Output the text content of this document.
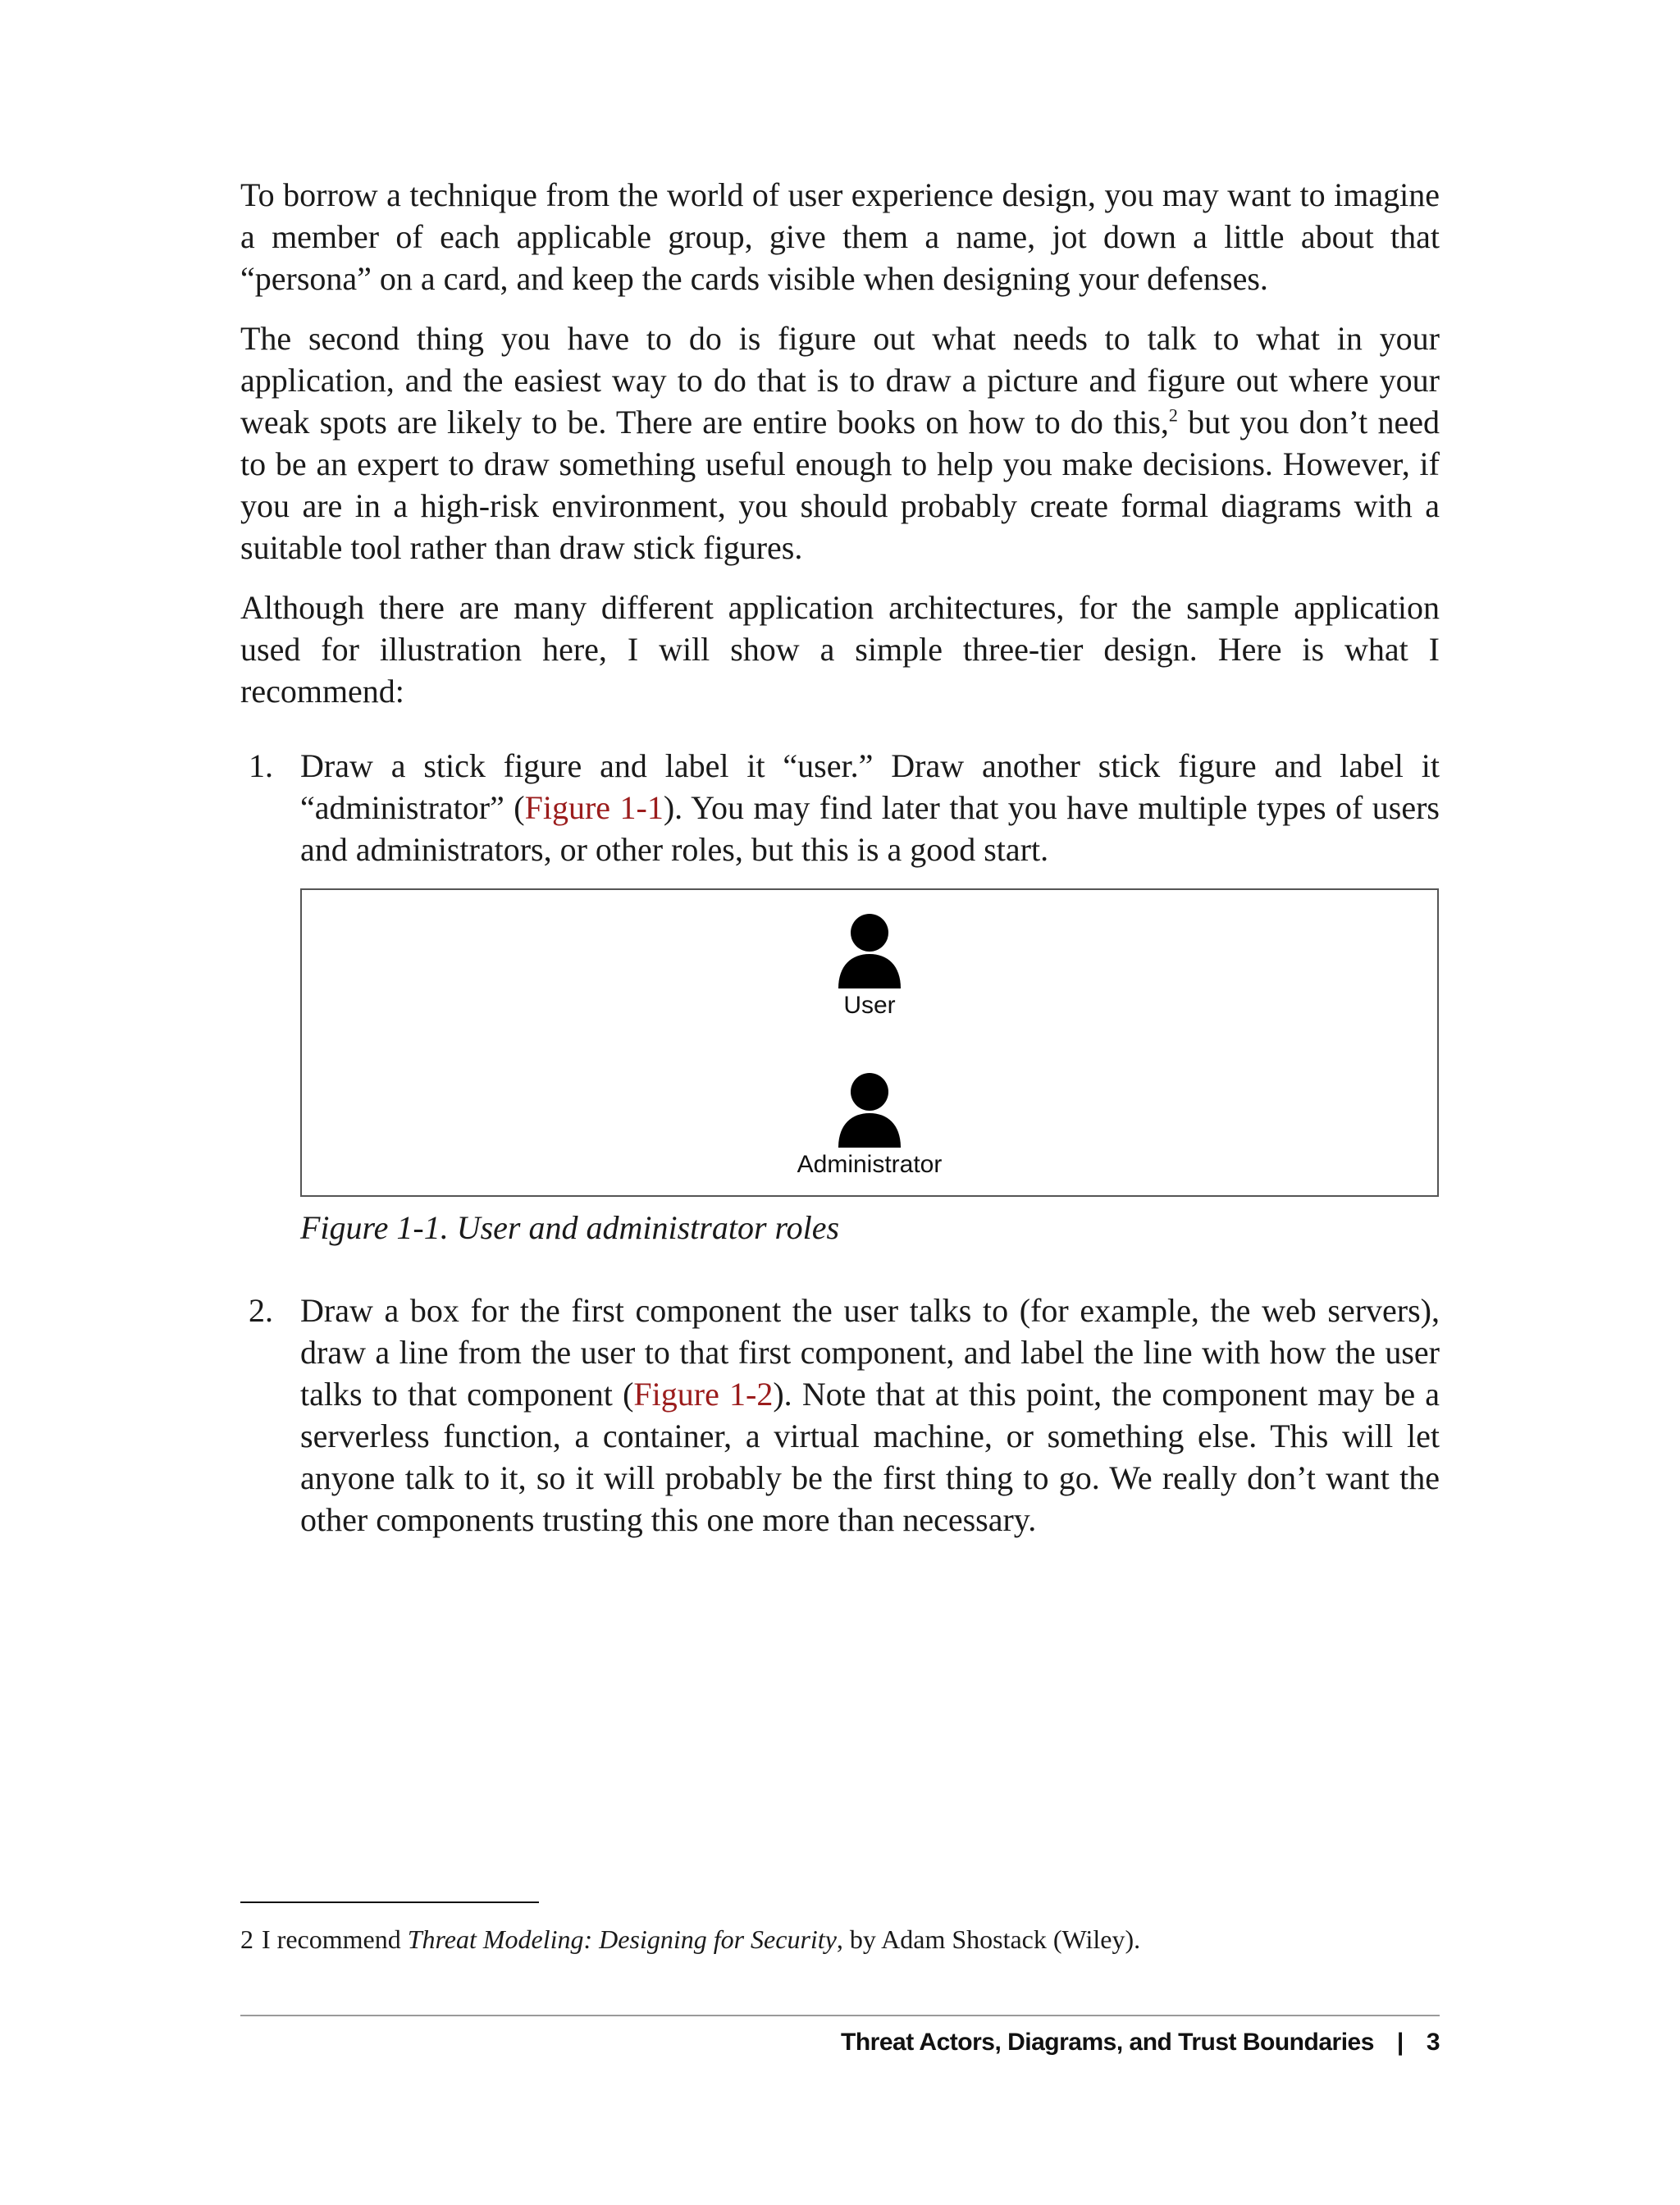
To borrow a technique from the world of user experience design, you may want to imagine a member of each applicable group, give them a name, jot down a little about that “persona” on a card, and keep the cards visible when designing your defenses.

The second thing you have to do is figure out what needs to talk to what in your application, and the easiest way to do that is to draw a picture and figure out where your weak spots are likely to be. There are entire books on how to do this,$^2$ but you don’t need to be an expert to draw something useful enough to help you make decisions. However, if you are in a high-risk environment, you should probably create formal diagrams with a suitable tool rather than draw stick figures.

Although there are many different application architectures, for the sample application used for illustration here, I will show a simple three-tier design. Here is what I recommend:

1. Draw a stick figure and label it “user.” Draw another stick figure and label it “administrator” (Figure 1-1). You may find later that you have multiple types of users and administrators, or other roles, but this is a good start.
User
Administrator

Figure 1-1. User and administrator roles

2. Draw a box for the first component the user talks to (for example, the web servers), draw a line from the user to that first component, and label the line with how the user talks to that component (Figure 1-2). Note that at this point, the component may be a serverless function, a container, a virtual machine, or something else. This will let anyone talk to it, so it will probably be the first thing to go. We really don’t want the other components trusting this one more than necessary.
2 I recommend Threat Modeling: Designing for Security, by Adam Shostack (Wiley).
Threat Actors, Diagrams, and Trust Boundaries | 3
